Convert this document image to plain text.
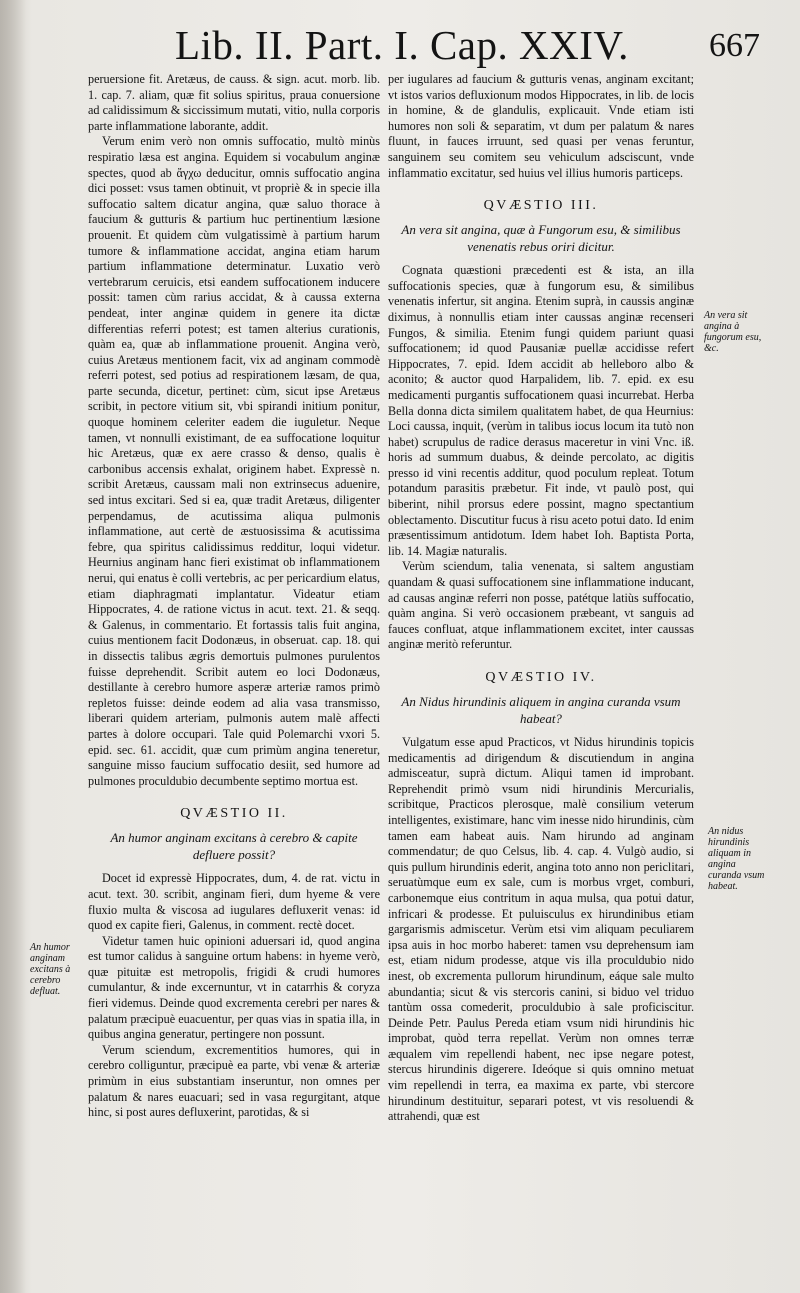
Lib. II. Part. I. Cap. XXIV. 667

peruersione fit. Aretæus, de causs. & sign. acut. morb. lib. 1. cap. 7. aliam, quæ fit solius spiritus, praua conuersione ad calidissimum & siccissimum mutati, vitio, nulla corporis parte inflammatione laborante, addit.

Verum enim verò non omnis suffocatio, multò minùs respiratio læsa est angina. Equidem si vocabulum anginæ spectes, quod ab ἄγχω deducitur, omnis suffocatio angina dici posset: vsus tamen obtinuit, vt propriè & in specie illa suffocatio saltem dicatur angina, quæ saluo thorace à faucium & gutturis & partium huc pertinentium læsione prouenit. Et quidem cùm vulgatissimè à partium harum tumore & inflammatione accidat, angina etiam harum partium inflammatione determinatur. Luxatio verò vertebrarum ceruicis, etsi eandem suffocationem inducere possit: tamen cùm rarius accidat, & à caussa externa pendeat, inter anginæ quidem in genere ita dictæ differentias referri potest; est tamen alterius curationis, quàm ea, quæ ab inflammatione prouenit. Angina verò, cuius Aretæus mentionem facit, vix ad anginam commodè referri potest, sed potius ad respirationem læsam, de qua, parte secunda, dicetur, pertinet: cùm, sicut ipse Aretæus scribit, in pectore vitium sit, vbi spirandi initium ponitur, quoque hominem celeriter eadem die iuguletur. Neque tamen, vt nonnulli existimant, de ea suffocatione loquitur hic Aretæus, quæ ex aere crasso & denso, qualis è carbonibus accensis exhalat, originem habet. Expressè n. scribit Aretæus, caussam mali non extrinsecus aduenire, sed intus excitari. Sed si ea, quæ tradit Aretæus, diligenter perpendamus, de acutissima aliqua pulmonis inflammatione, aut certè de æstuosissima & acutissima febre, qua spiritus calidissimus redditur, loqui videtur. Heurnius anginam hanc fieri existimat ob inflammationem nerui, qui enatus è colli vertebris, ac per pericardium elatus, etiam diaphragmati implantatur. Videatur etiam Hippocrates, 4. de ratione victus in acut. text. 21. & seqq. & Galenus, in commentario. Et fortassis talis fuit angina, cuius mentionem facit Dodonæus, in obseruat. cap. 18. qui in dissectis talibus ægris demortuis pulmones purulentos fuisse deprehendit. Scribit autem eo loci Dodonæus, destillante à cerebro humore asperæ arteriæ ramos primò repletos fuisse: deinde eodem ad alia vasa transmisso, liberari quidem arteriam, pulmonis autem malè affecti partes à dolore occupari. Tale quid Polemarchi vxori 5. epid. sec. 61. accidit, quæ cum primùm angina teneretur, sanguine misso faucium suffocatio desiit, sed humore ad pulmones proculdubio decumbente septimo mortua est.

QVÆSTIO II.
An humor anginam excitans à cerebro & capite defluere possit?

Docet id expressè Hippocrates, dum, 4. de rat. victu in acut. text. 30. scribit, anginam fieri, dum hyeme & vere fluxio multa & viscosa ad iugulares defluxerit venas: id quod ex capite fieri, Galenus, in comment. rectè docet.

Videtur tamen huic opinioni aduersari id, quod angina est tumor calidus à sanguine ortum habens: in hyeme verò, quæ pituitæ est metropolis, frigidi & crudi humores cumulantur, & inde excernuntur, vt in catarrhis & coryza fieri videmus. Deinde quod excrementa cerebri per nares & palatum præcipuè euacuentur, per quas vias in spatia illa, in quibus angina generatur, pertingere non possunt.

Verum sciendum, excrementitios humores, qui in cerebro colliguntur, præcipuè ea parte, vbi venæ & arteriæ primùm in eius substantiam inseruntur, non omnes per palatum & nares euacuari; sed in vasa regurgitant, atque hinc, si post aures defluxerint, parotidas, & si

per iugulares ad faucium & gutturis venas, anginam excitant; vt istos varios defluxionum modos Hippocrates, in lib. de locis in homine, & de glandulis, explicauit. Vnde etiam isti humores non soli & separatim, vt dum per palatum & nares fluunt, in fauces irruunt, sed quasi per venas feruntur, sanguinem seu comitem seu vehiculum adsciscunt, vnde inflammatio excitatur, sed huius vel illius humoris particeps.

QVÆSTIO III.
An vera sit angina, quæ à Fungorum esu, & similibus venenatis rebus oriri dicitur.

Cognata quæstioni præcedenti est & ista, an illa suffocationis species, quæ à fungorum esu, & similibus venenatis infertur, sit angina. Etenim suprà, in caussis anginæ diximus, à nonnullis etiam inter caussas anginæ recenseri Fungos, & similia. Etenim fungi quidem pariunt quasi suffocationem; id quod Pausaniæ puellæ accidisse refert Hippocrates, 7. epid. Idem accidit ab helleboro albo & aconito; & auctor quod Harpalidem, lib. 7. epid. ex esu medicamenti purgantis suffocationem quasi incurrebat. Herba Bella donna dicta similem qualitatem habet, de qua Heurnius: Loci caussa, inquit, (verùm in talibus iocus locum ita tutò non habet) scrupulus de radice derasus maceretur in vini Vnc. iß. horis ad summum duabus, & deinde percolato, ac digitis presso id vini recentis additur, quod poculum repleat. Totum potandum parasitis præbetur. Fit inde, vt paulò post, qui biberint, nihil prorsus edere possint, magno spectantium oblectamento. Discutitur fucus à risu aceto potui dato. Id enim præsentissimum antidotum. Idem habet Ioh. Baptista Porta, lib. 14. Magiæ naturalis.

Verùm sciendum, talia venenata, si saltem angustiam quandam & quasi suffocationem sine inflammatione inducant, ad causas anginæ referri non posse, patétque latiùs suffocatio, quàm angina. Si verò occasionem præbeant, vt sanguis ad fauces confluat, atque inflammationem excitet, inter caussas anginæ meritò referuntur.

QVÆSTIO IV.
An Nidus hirundinis aliquem in angina curanda vsum habeat?

Vulgatum esse apud Practicos, vt Nidus hirundinis topicis medicamentis ad dirigendum & discutiendum in angina admisceatur, suprà dictum. Aliqui tamen id improbant. Reprehendit primò vsum nidi hirundinis Mercurialis, scribitque, Practicos plerosque, malè consilium veterum intelligentes, existimare, hanc vim inesse nido hirundinis, cùm tamen eam habeat auis. Nam hirundo ad anginam commendatur; de quo Celsus, lib. 4. cap. 4. Vulgò audio, si quis pullum hirundinis ederit, angina toto anno non periclitari, seruatùmque eum ex sale, cum is morbus vrget, comburi, carbonemque eius contritum in aqua mulsa, qua potui datur, infricari & prodesse. Et puluisculus ex hirundinibus etiam gargarismis admiscetur. Verùm etsi vim aliquam peculiarem ipsa auis in hoc morbo haberet: tamen vsu deprehensum iam est, etiam nidum prodesse, atque vis illa proculdubio nido inest, ob excrementa pullorum hirundinum, eáque sale multo abundantia; sicut & vis stercoris canini, si biduo vel triduo tantùm ossa comederit, proculdubio à sale proficiscitur. Deinde Petr. Paulus Pereda etiam vsum nidi hirundinis hic improbat, quòd terra repellat. Verùm non omnes terræ æqualem vim repellendi habent, nec ipse negare potest, stercus hirundinis digerere. Ideóque si quis omnino metuat vim repellendi in terra, ea maxima ex parte, vbi stercore hirundinum destituitur, separari potest, vt vis resoluendi & attrahendi, quæ est

An humor anginam excitans à cerebro defluat.
An vera sit angina à fungorum esu, &c.
An nidus hirundinis aliquam in angina curanda vsum habeat.
